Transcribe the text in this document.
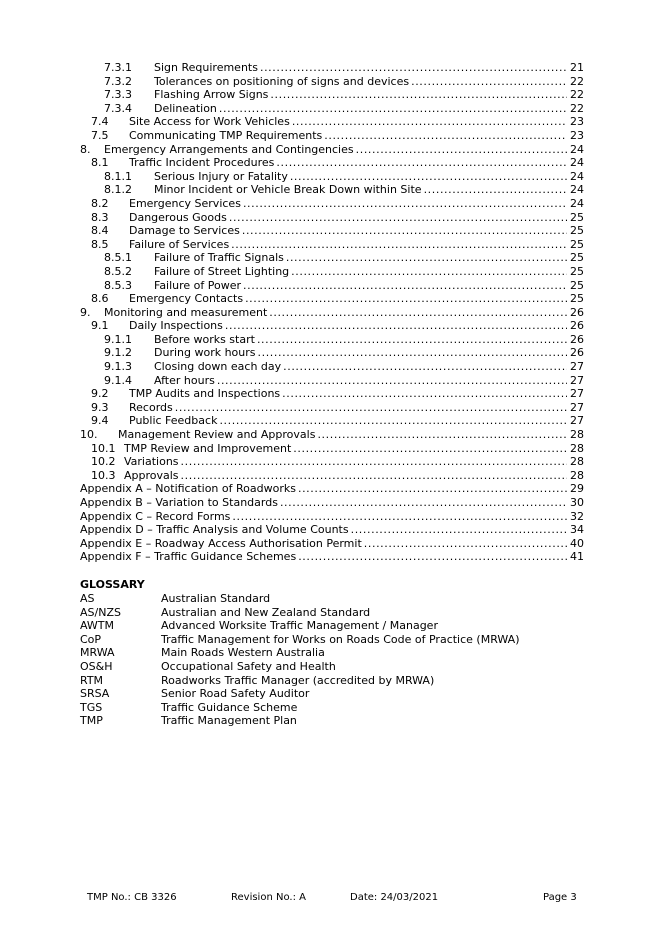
7.3.1 Sign Requirements .....	21
7.3.2 Tolerances on positioning of signs and devices .....	22
7.3.3 Flashing Arrow Signs .....	22
7.3.4 Delineation .....	22
7.4 Site Access for Work Vehicles .....	23
7.5 Communicating TMP Requirements .....	23
8. Emergency Arrangements and Contingencies .....	24
8.1 Traffic Incident Procedures .....	24
8.1.1 Serious Injury or Fatality .....	24
8.1.2 Minor Incident or Vehicle Break Down within Site .....	24
8.2 Emergency Services .....	24
8.3 Dangerous Goods .....	25
8.4 Damage to Services .....	25
8.5 Failure of Services .....	25
8.5.1 Failure of Traffic Signals .....	25
8.5.2 Failure of Street Lighting .....	25
8.5.3 Failure of Power .....	25
8.6 Emergency Contacts .....	25
9. Monitoring and measurement .....	26
9.1 Daily Inspections .....	26
9.1.1 Before works start .....	26
9.1.2 During work hours .....	26
9.1.3 Closing down each day .....	27
9.1.4 After hours .....	27
9.2 TMP Audits and Inspections .....	27
9.3 Records .....	27
9.4 Public Feedback .....	27
10. Management Review and Approvals .....	28
10.1 TMP Review and Improvement .....	28
10.2 Variations .....	28
10.3 Approvals .....	28
Appendix A – Notification of Roadworks .....	29
Appendix B – Variation to Standards .....	30
Appendix C – Record Forms .....	32
Appendix D – Traffic Analysis and Volume Counts .....	34
Appendix E – Roadway Access Authorisation Permit .....	40
Appendix F – Traffic Guidance Schemes .....	41
GLOSSARY
AS	Australian Standard
AS/NZS	Australian and New Zealand Standard
AWTM	Advanced Worksite Traffic Management / Manager
CoP	Traffic Management for Works on Roads Code of Practice (MRWA)
MRWA	Main Roads Western Australia
OS&H	Occupational Safety and Health
RTM	Roadworks Traffic Manager (accredited by MRWA)
SRSA	Senior Road Safety Auditor
TGS	Traffic Guidance Scheme
TMP	Traffic Management Plan
TMP No.: CB 3326	Revision No.: A	Date: 24/03/2021	Page 3
